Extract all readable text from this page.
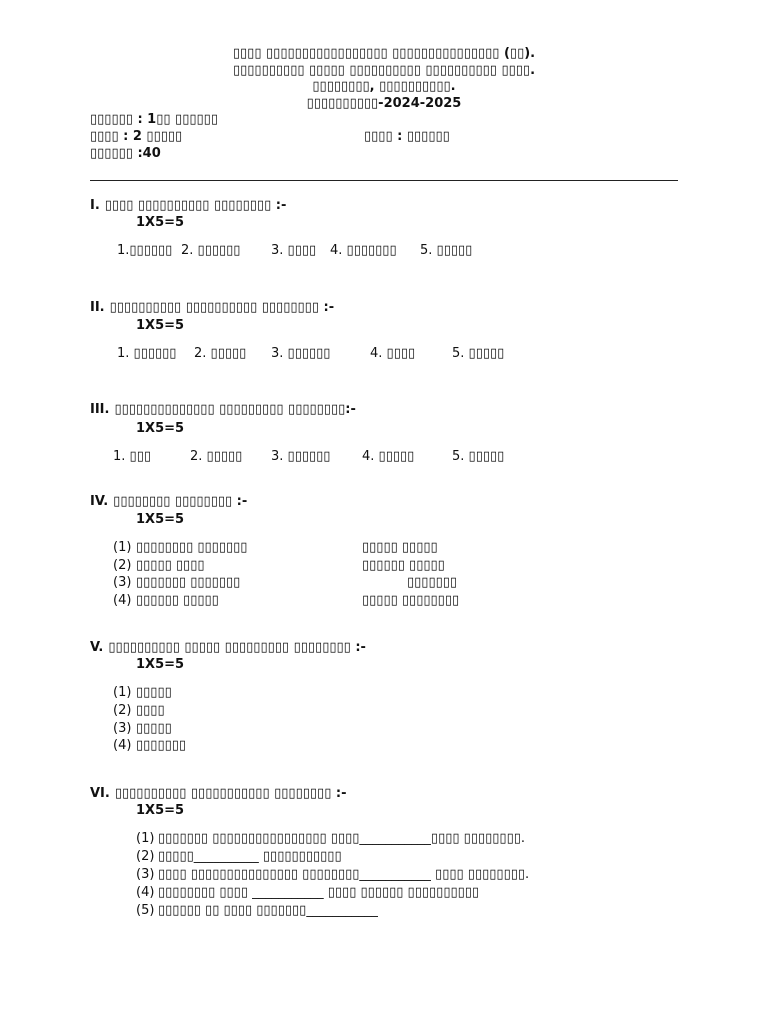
▯▯▯▯ ▯▯▯▯▯▯▯▯▯▯▯▯▯▯▯▯▯ ▯▯▯▯▯▯▯▯▯▯▯▯▯▯▯ (▯▯).
▯▯▯▯▯▯▯▯▯▯ ▯▯▯▯▯ ▯▯▯▯▯▯▯▯▯▯ ▯▯▯▯▯▯▯▯▯▯ ▯▯▯▯.
▯▯▯▯▯▯▯▯, ▯▯▯▯▯▯▯▯▯▯.
▯▯▯▯▯▯▯▯▯▯-2024-2025
▯▯▯▯▯▯ : 1▯▯ ▯▯▯▯▯▯
▯▯▯▯ : 2 ▯▯▯▯▯	▯▯▯▯ : ▯▯▯▯▯▯
▯▯▯▯▯▯ :40
I. ▯▯▯▯ ▯▯▯▯▯▯▯▯▯▯ ▯▯▯▯▯▯▯▯ :-
1X5=5
1.▯▯▯▯▯▯ 2. ▯▯▯▯▯▯ 3. ▯▯▯▯ 4. ▯▯▯▯▯▯▯ 5. ▯▯▯▯▯
II. ▯▯▯▯▯▯▯▯▯▯ ▯▯▯▯▯▯▯▯▯▯ ▯▯▯▯▯▯▯▯ :-
1X5=5
1. ▯▯▯▯▯▯ 2. ▯▯▯▯▯ 3. ▯▯▯▯▯▯	4. ▯▯▯▯	5. ▯▯▯▯▯
III. ▯▯▯▯▯▯▯▯▯▯▯▯▯▯ ▯▯▯▯▯▯▯▯▯ ▯▯▯▯▯▯▯▯:-
1X5=5
1. ▯▯▯	2. ▯▯▯▯▯ 3. ▯▯▯▯▯▯ 4. ▯▯▯▯▯	5. ▯▯▯▯▯
IV. ▯▯▯▯▯▯▯▯ ▯▯▯▯▯▯▯▯ :-
1X5=5
(1) ▯▯▯▯▯▯▯▯ ▯▯▯▯▯▯▯	▯▯▯▯▯ ▯▯▯▯▯
(2) ▯▯▯▯▯ ▯▯▯▯	▯▯▯▯▯▯ ▯▯▯▯▯
(3) ▯▯▯▯▯▯▯ ▯▯▯▯▯▯▯	▯▯▯▯▯▯▯
(4) ▯▯▯▯▯▯ ▯▯▯▯▯	▯▯▯▯▯ ▯▯▯▯▯▯▯▯
V. ▯▯▯▯▯▯▯▯▯▯ ▯▯▯▯▯ ▯▯▯▯▯▯▯▯▯ ▯▯▯▯▯▯▯▯ :-
1X5=5
(1) ▯▯▯▯▯
(2) ▯▯▯▯
(3) ▯▯▯▯▯
(4) ▯▯▯▯▯▯▯
VI. ▯▯▯▯▯▯▯▯▯▯ ▯▯▯▯▯▯▯▯▯▯▯ ▯▯▯▯▯▯▯▯ :-
1X5=5
(1) ▯▯▯▯▯▯▯ ▯▯▯▯▯▯▯▯▯▯▯▯▯▯▯▯ ▯▯▯▯___________▯▯▯▯ ▯▯▯▯▯▯▯▯.
(2) ▯▯▯▯▯__________ ▯▯▯▯▯▯▯▯▯▯▯
(3) ▯▯▯▯ ▯▯▯▯▯▯▯▯▯▯▯▯▯▯▯ ▯▯▯▯▯▯▯▯___________ ▯▯▯▯ ▯▯▯▯▯▯▯▯.
(4) ▯▯▯▯▯▯▯▯ ▯▯▯▯ ___________ ▯▯▯▯ ▯▯▯▯▯▯ ▯▯▯▯▯▯▯▯▯▯
(5) ▯▯▯▯▯▯ ▯▯ ▯▯▯▯ ▯▯▯▯▯▯▯___________
